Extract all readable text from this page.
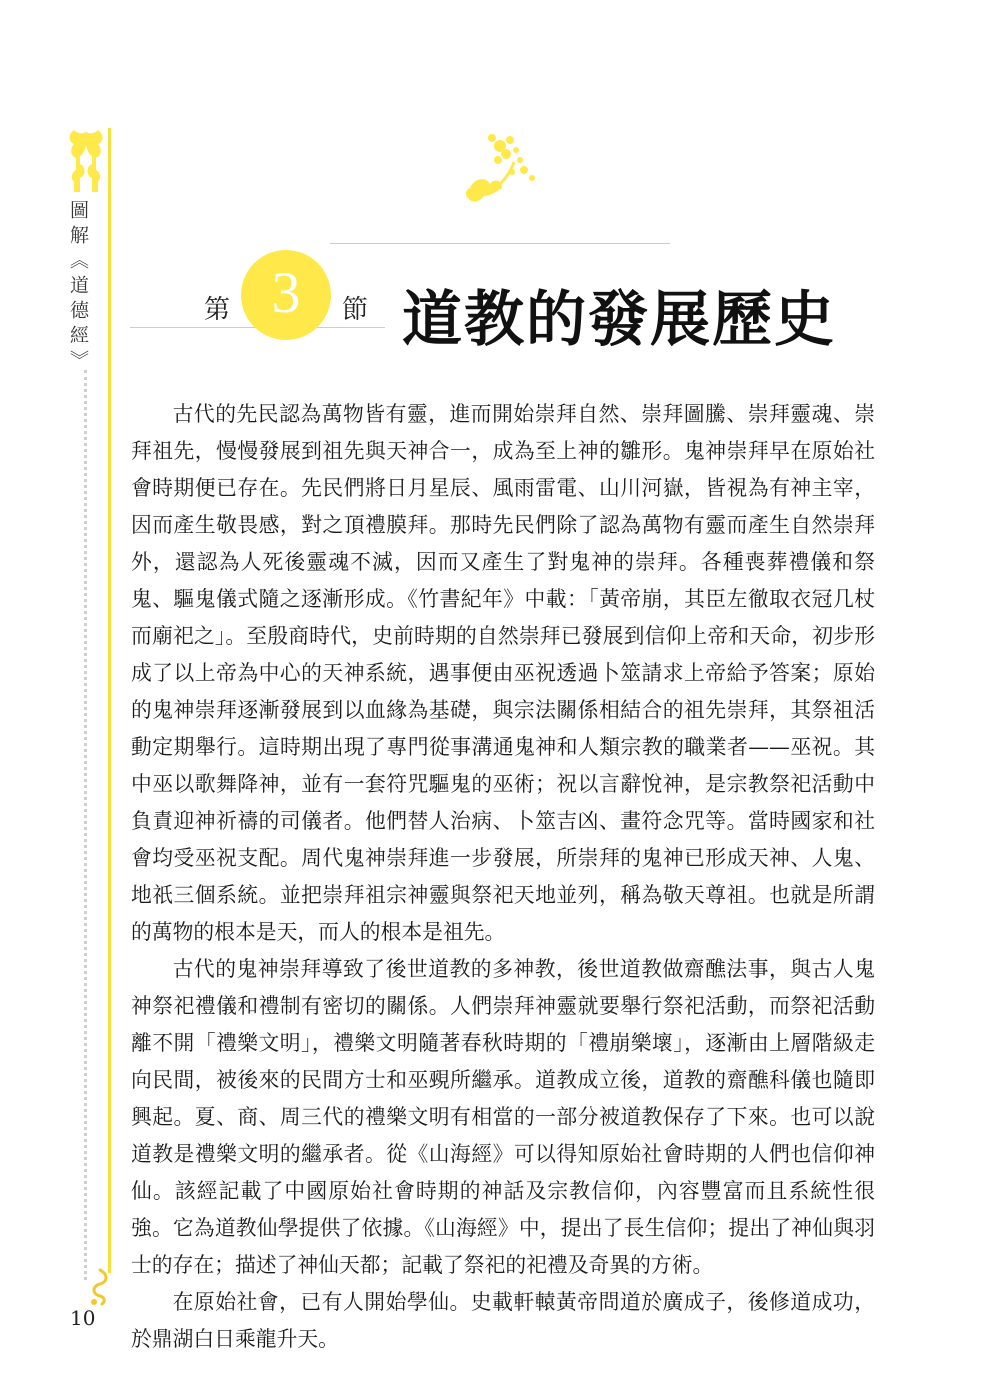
圖解《道德經》
10
3
第	節 道教的發展歷史

古代的先民認為萬物皆有靈，進而開始崇拜自然、崇拜圖騰、崇拜靈魂、崇拜祖先，慢慢發展到祖先與天神合一，成為至上神的雛形。鬼神崇拜早在原始社會時期便已存在。先民們將日月星辰、風雨雷電、山川河嶽，皆視為有神主宰，因而產生敬畏感，對之頂禮膜拜。那時先民們除了認為萬物有靈而產生自然崇拜外，還認為人死後靈魂不滅，因而又產生了對鬼神的崇拜。各種喪葬禮儀和祭鬼、驅鬼儀式隨之逐漸形成。《竹書紀年》中載：「黃帝崩，其臣左徹取衣冠几杖而廟祀之」。至殷商時代，史前時期的自然崇拜已發展到信仰上帝和天命，初步形成了以上帝為中心的天神系統，遇事便由巫祝透過卜筮請求上帝給予答案；原始的鬼神崇拜逐漸發展到以血緣為基礎，與宗法關係相結合的祖先崇拜，其祭祖活動定期舉行。這時期出現了專門從事溝通鬼神和人類宗教的職業者——巫祝。其中巫以歌舞降神，並有一套符咒驅鬼的巫術；祝以言辭悅神，是宗教祭祀活動中負責迎神祈禱的司儀者。他們替人治病、卜筮吉凶、畫符念咒等。當時國家和社會均受巫祝支配。周代鬼神崇拜進一步發展，所崇拜的鬼神已形成天神、人鬼、地祇三個系統。並把崇拜祖宗神靈與祭祀天地並列，稱為敬天尊祖。也就是所謂的萬物的根本是天，而人的根本是祖先。

古代的鬼神崇拜導致了後世道教的多神教，後世道教做齋醮法事，與古人鬼神祭祀禮儀和禮制有密切的關係。人們崇拜神靈就要舉行祭祀活動，而祭祀活動離不開「禮樂文明」，禮樂文明隨著春秋時期的「禮崩樂壞」，逐漸由上層階級走向民間，被後來的民間方士和巫覡所繼承。道教成立後，道教的齋醮科儀也隨即興起。夏、商、周三代的禮樂文明有相當的一部分被道教保存了下來。也可以說道教是禮樂文明的繼承者。從《山海經》可以得知原始社會時期的人們也信仰神仙。該經記載了中國原始社會時期的神話及宗教信仰，內容豐富而且系統性很強。它為道教仙學提供了依據。《山海經》中，提出了長生信仰；提出了神仙與羽士的存在；描述了神仙天都；記載了祭祀的祀禮及奇異的方術。

在原始社會，已有人開始學仙。史載軒轅黃帝問道於廣成子，後修道成功，於鼎湖白日乘龍升天。
